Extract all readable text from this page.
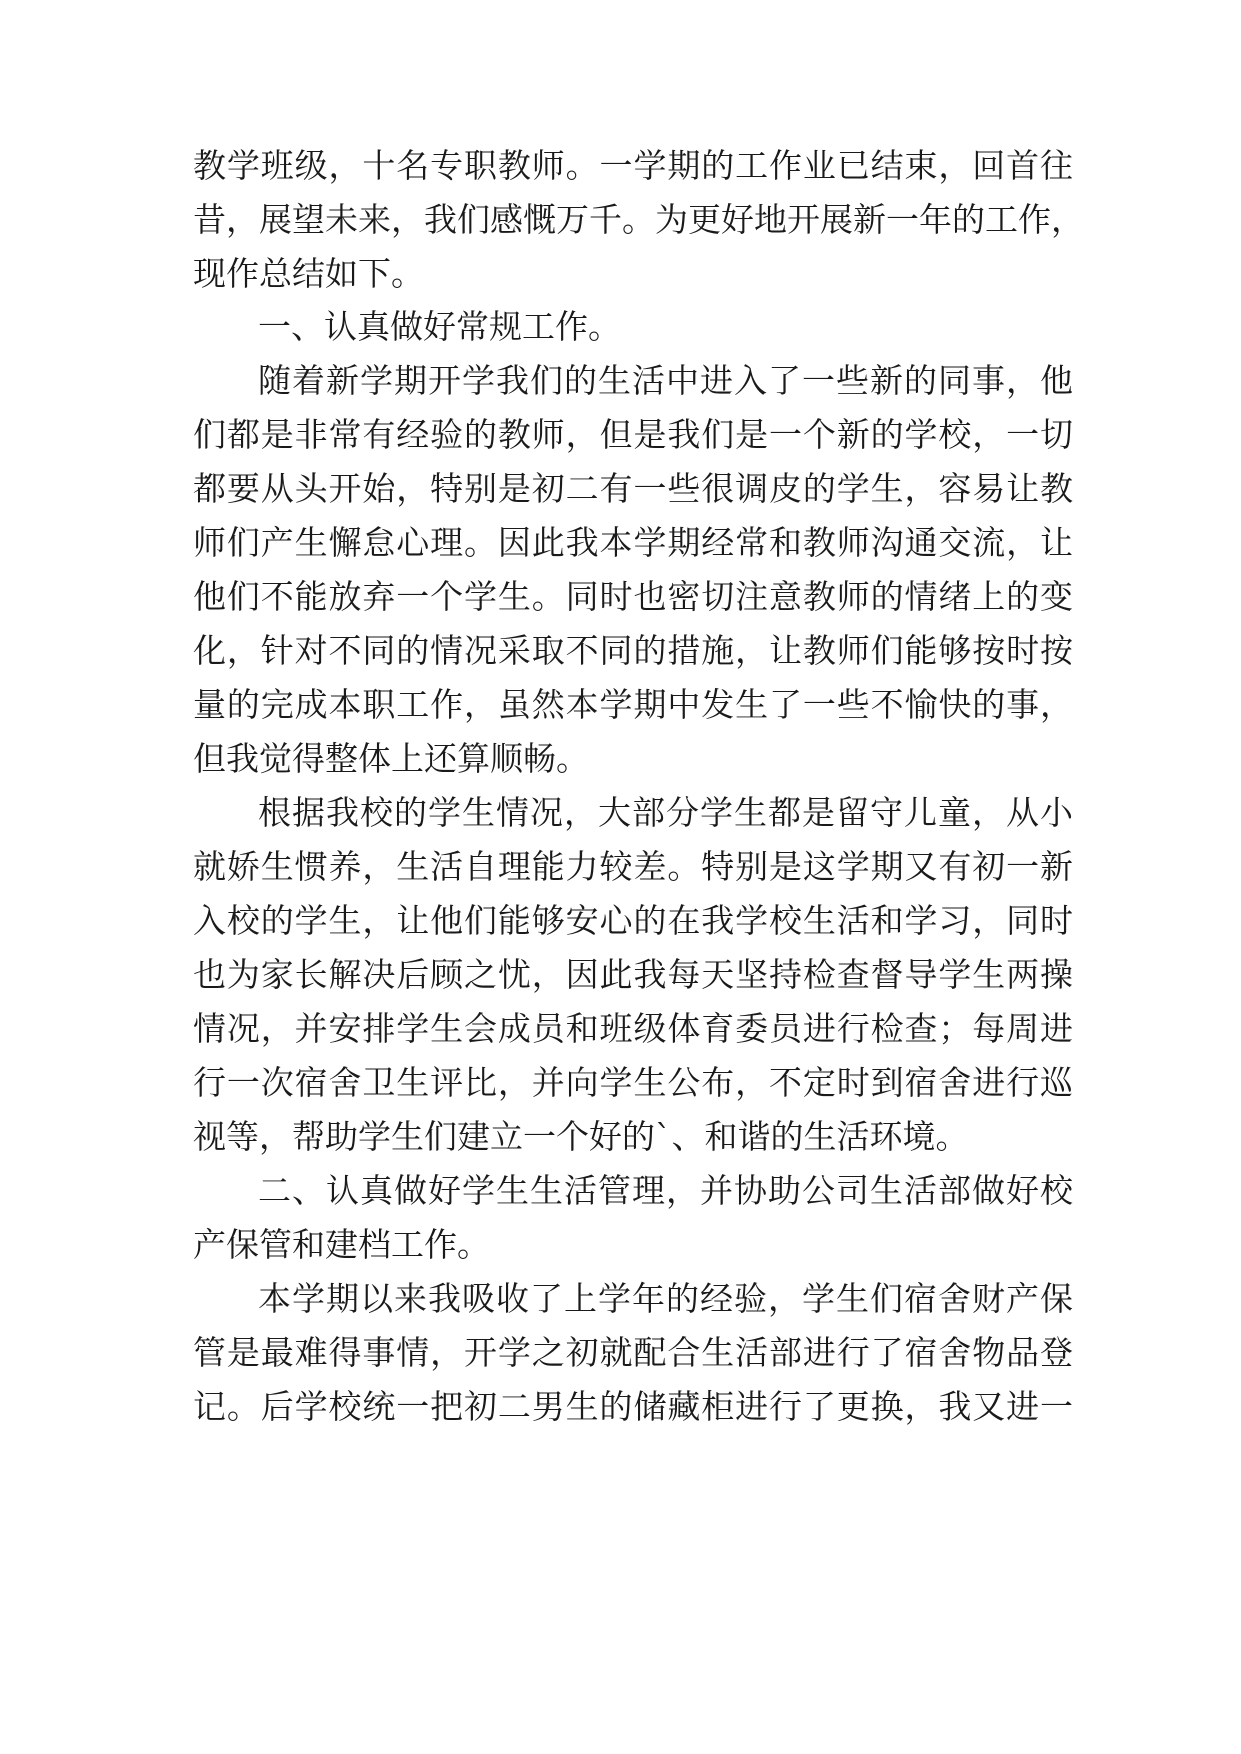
教学班级，十名专职教师。一学期的工作业已结束，回首往
昔，展望未来，我们感慨万千。为更好地开展新一年的工作，
现作总结如下。
一、认真做好常规工作。
随着新学期开学我们的生活中进入了一些新的同事，他
们都是非常有经验的教师，但是我们是一个新的学校，一切
都要从头开始，特别是初二有一些很调皮的学生，容易让教
师们产生懈怠心理。因此我本学期经常和教师沟通交流，让
他们不能放弃一个学生。同时也密切注意教师的情绪上的变
化，针对不同的情况采取不同的措施，让教师们能够按时按
量的完成本职工作，虽然本学期中发生了一些不愉快的事，
但我觉得整体上还算顺畅。
根据我校的学生情况，大部分学生都是留守儿童，从小
就娇生惯养，生活自理能力较差。特别是这学期又有初一新
入校的学生，让他们能够安心的在我学校生活和学习，同时
也为家长解决后顾之忧，因此我每天坚持检查督导学生两操
情况，并安排学生会成员和班级体育委员进行检查；每周进
行一次宿舍卫生评比，并向学生公布，不定时到宿舍进行巡
视等，帮助学生们建立一个好的`、和谐的生活环境。
二、认真做好学生生活管理，并协助公司生活部做好校
产保管和建档工作。
本学期以来我吸收了上学年的经验，学生们宿舍财产保
管是最难得事情，开学之初就配合生活部进行了宿舍物品登
记。后学校统一把初二男生的储藏柜进行了更换，我又进一
